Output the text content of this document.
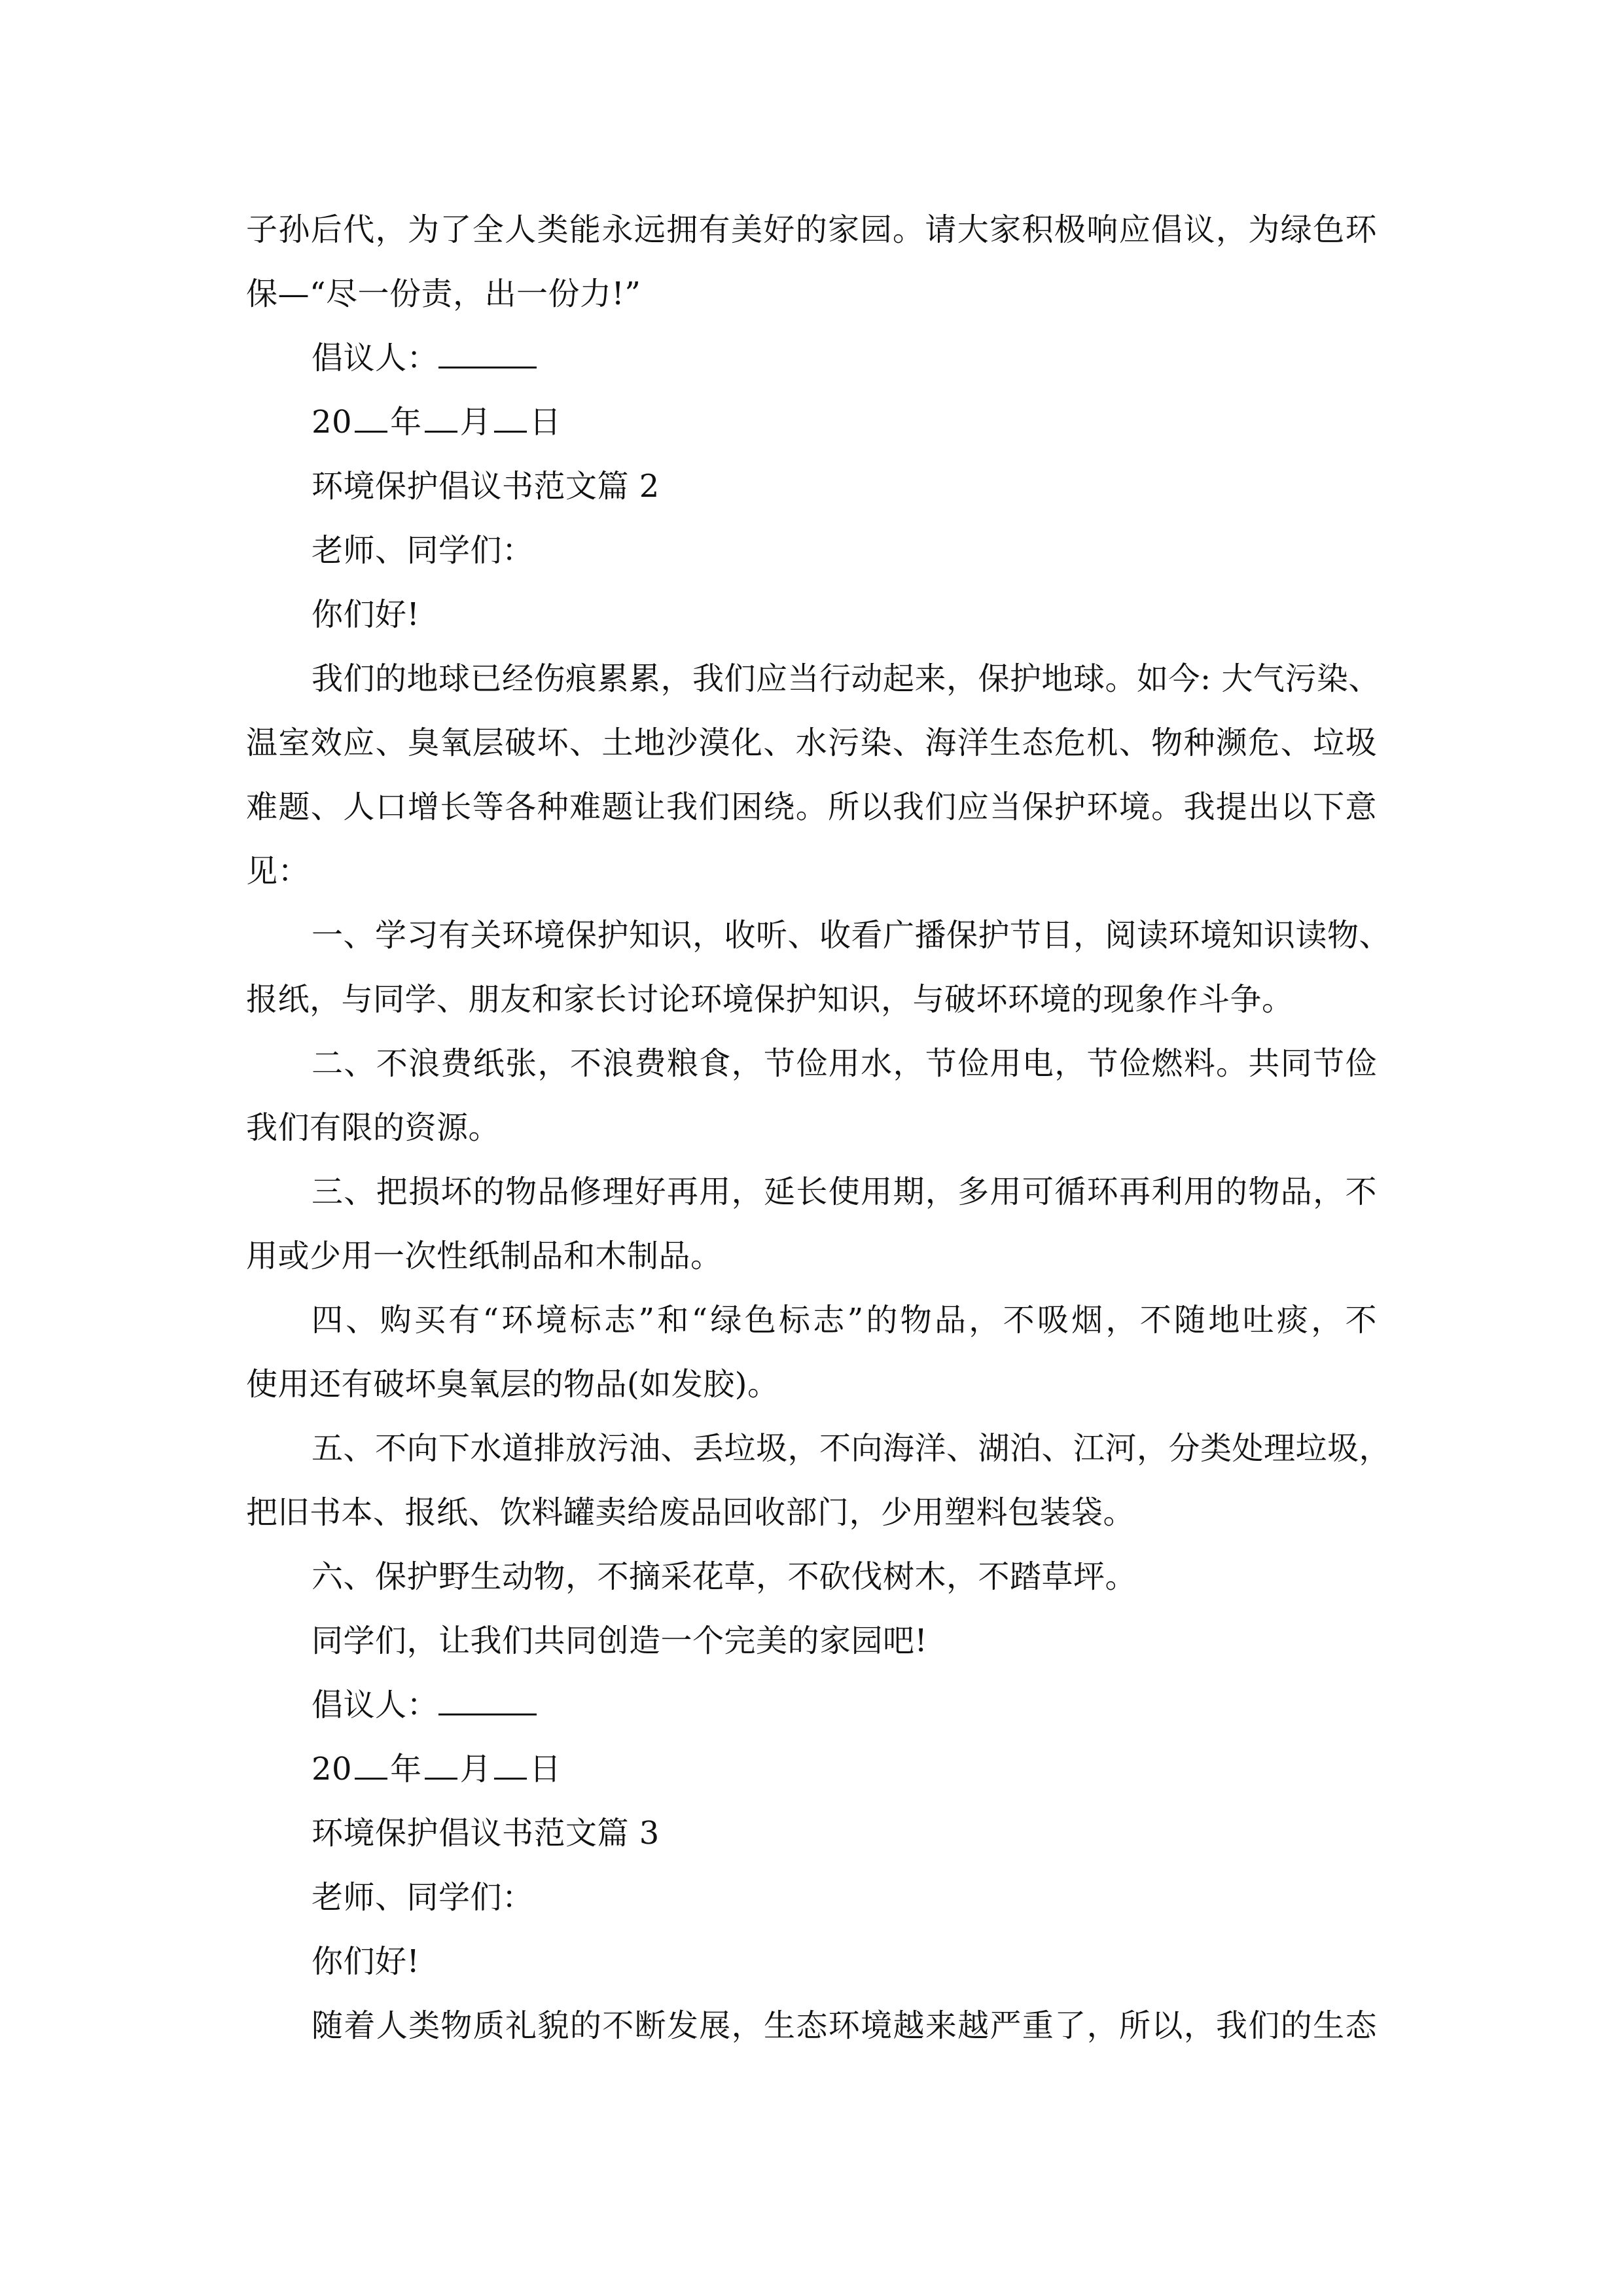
子孙后代，为了全人类能永远拥有美好的家园。请大家积极响应倡议，为绿色环
保—“尽一份责，出一份力!”
倡议人：
20 年 月 日
环境保护倡议书范文篇 2
老师、同学们：
你们好!
我们的地球已经伤痕累累，我们应当行动起来，保护地球。如今: 大气污染、
温室效应、臭氧层破坏、土地沙漠化、水污染、海洋生态危机、物种濒危、垃圾
难题、人口增长等各种难题让我们困绕。所以我们应当保护环境。我提出以下意
见：
一、学习有关环境保护知识，收听、收看广播保护节目，阅读环境知识读物、
报纸，与同学、朋友和家长讨论环境保护知识，与破坏环境的现象作斗争。
二、不浪费纸张，不浪费粮食，节俭用水，节俭用电，节俭燃料。共同节俭
我们有限的资源。
三、把损坏的物品修理好再用，延长使用期，多用可循环再利用的物品，不
用或少用一次性纸制品和木制品。
四、购买有“环境标志”和“绿色标志”的物品，不吸烟，不随地吐痰，不
使用还有破坏臭氧层的物品(如发胶)。
五、不向下水道排放污油、丢垃圾，不向海洋、湖泊、江河，分类处理垃圾，
把旧书本、报纸、饮料罐卖给废品回收部门，少用塑料包装袋。
六、保护野生动物，不摘采花草，不砍伐树木，不踏草坪。
同学们，让我们共同创造一个完美的家园吧!
倡议人：
20 年 月 日
环境保护倡议书范文篇 3
老师、同学们：
你们好!
随着人类物质礼貌的不断发展，生态环境越来越严重了，所以，我们的生态
